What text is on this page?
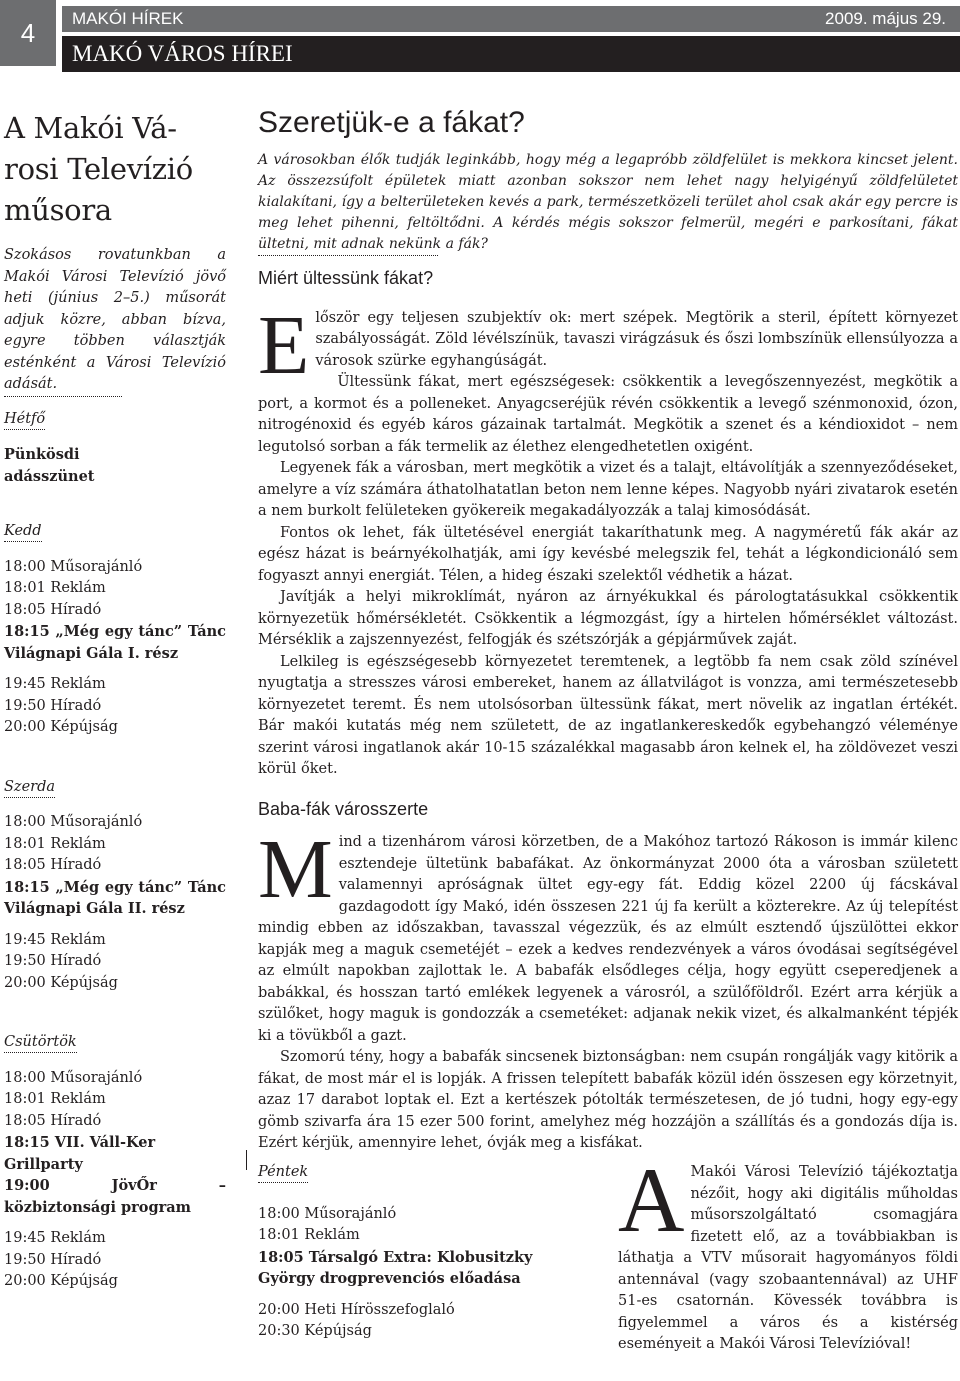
4	MAKÓI HÍREK	2009. május 29.
MAKÓ VÁROS HÍREI
A Makói Vá-
rosi Televízió
műsora

Szokásos rovatunkban a Makói Városi Televízió jövő heti (június 2–5.) műsorát adjuk közre, abban bízva, egyre többen választják esténként a Városi Televízió adását.

Hétfő
Pünkösdi
adásszünet
Kedd
18:00 Műsorajánló
18:01 Reklám
18:05 Híradó
18:15 „Még egy tánc” Tánc Világnapi Gála I. rész
19:45 Reklám
19:50 Híradó
20:00 Képújság
Szerda
18:00 Műsorajánló
18:01 Reklám
18:05 Híradó
18:15 „Még egy tánc” Tánc Világnapi Gála II. rész
19:45 Reklám
19:50 Híradó
20:00 Képújság
Csütörtök
18:00 Műsorajánló
18:01 Reklám
18:05 Híradó
18:15 VII. Váll-Ker Grillparty
19:00 JövŐr – közbiztonsági program
19:45 Reklám
19:50 Híradó
20:00 Képújság
Szeretjük-e a fákat?

A városokban élők tudják leginkább, hogy még a legapróbb zöldfelület is mekkora kincset jelent. Az összezsúfolt épületek miatt azonban sokszor nem lehet nagy helyigényű zöldfelületet kialakítani, így a belterületeken kevés a park, természetközeli terület ahol csak akár egy percre is meg lehet pihenni, feltöltődni. A kérdés mégis sokszor felmerül, megéri e parkosítani, fákat ültetni, mit adnak nekünk a fák?

Miért ültessünk fákat?

Először egy teljesen szubjektív ok: mert szépek. Megtörik a steril, épített környezet szabályosságát. Zöld lévélszínük, tavaszi virágzásuk és őszi lombszínük ellensúlyozza a városok szürke egyhangúságát.

Ültessünk fákat, mert egészségesek: csökkentik a levegőszennyezést, megkötik a port, a kormot és a polleneket. Anyagcseréjük révén csökkentik a levegő szénmonoxid, ózon, nitrogénoxid és egyéb káros gázainak tartalmát. Megkötik a szenet és a kéndioxidot – nem legutolsó sorban a fák termelik az élethez elengedhetetlen oxigént.

Legyenek fák a városban, mert megkötik a vizet és a talajt, eltávolítják a szennyeződéseket, amelyre a víz számára áthatolhatatlan beton nem lenne képes. Nagyobb nyári zivatarok esetén a nem burkolt felületeken gyökereik megakadályozzák a talaj kimosódását.

Fontos ok lehet, fák ültetésével energiát takaríthatunk meg. A nagyméretű fák akár az egész házat is beárnyékolhatják, ami így kevésbé melegszik fel, tehát a légkondicionáló sem fogyaszt annyi energiát. Télen, a hideg északi szelektől védhetik a házat.

Javítják a helyi mikroklímát, nyáron az árnyékukkal és párologtatásukkal csökkentik környezetük hőmérsékletét. Csökkentik a légmozgást, így a hirtelen hőmérséklet változást. Mérséklik a zajszennyezést, felfogják és szétszórják a gépjárművek zaját.

Lelkileg is egészségesebb környezetet teremtenek, a legtöbb fa nem csak zöld színével nyugtatja a stresszes városi embereket, hanem az állatvilágot is vonzza, ami természetesebb környezetet teremt. És nem utolsósorban ültessünk fákat, mert növelik az ingatlan értékét. Bár makói kutatás még nem született, de az ingatlankereskedők egybehangzó véleménye szerint városi ingatlanok akár 10-15 százalékkal magasabb áron kelnek el, ha zöldövezet veszi körül őket.

Baba-fák városszerte

Mind a tizenhárom városi körzetben, de a Makóhoz tartozó Rákoson is immár kilenc esztendeje ültetünk babafákat. Az önkormányzat 2000 óta a városban született valamennyi apróságnak ültet egy-egy fát. Eddig közel 2200 új fácskával gazdagodott így Makó, idén összesen 221 új fa került a közterekre. Az új telepítést mindig ebben az időszakban, tavasszal végezzük, és az elmúlt esztendő újszülöttei ekkor kapják meg a maguk csemetéjét – ezek a kedves rendezvények a város óvodásai segítségével az elmúlt napokban zajlottak le. A babafák elsődleges célja, hogy együtt cseperedjenek a babákkal, és hosszan tartó emlékek legyenek a városról, a szülőföldről. Ezért arra kérjük a szülőket, hogy maguk is gondozzák a csemetéket: adjanak nekik vizet, és alkalmanként tépjék ki a tövükből a gazt.

Szomorú tény, hogy a babafák sincsenek biztonságban: nem csupán rongálják vagy kitörik a fákat, de most már el is lopják. A frissen telepített babafák közül idén összesen egy körzetnyit, azaz 17 darabot loptak el. Ezt a kertészek pótolták természetesen, de jó tudni, hogy egy-egy gömb szivarfa ára 15 ezer 500 forint, amelyhez még hozzájön a szállítás és a gondozás díja is. Ezért kérjük, amennyire lehet, óvják meg a kisfákat.

Péntek
18:00 Műsorajánló
18:01 Reklám
18:05 Társalgó Extra: Klobusitzky György drogprevenciós előadása
20:00 Heti Hírösszefoglaló
20:30 Képújság
A Makói Városi Televízió tájékoztatja nézőit, hogy aki digitális műholdas műsorszolgáltató csomagjára fizetett elő, az a továbbiakban is láthatja a VTV műsorait hagyományos földi antennával (vagy szobaantennával) az UHF 51-es csatornán. Kövessék továbbra is figyelemmel a város és a kistérség eseményeit a Makói Városi Televízióval!
